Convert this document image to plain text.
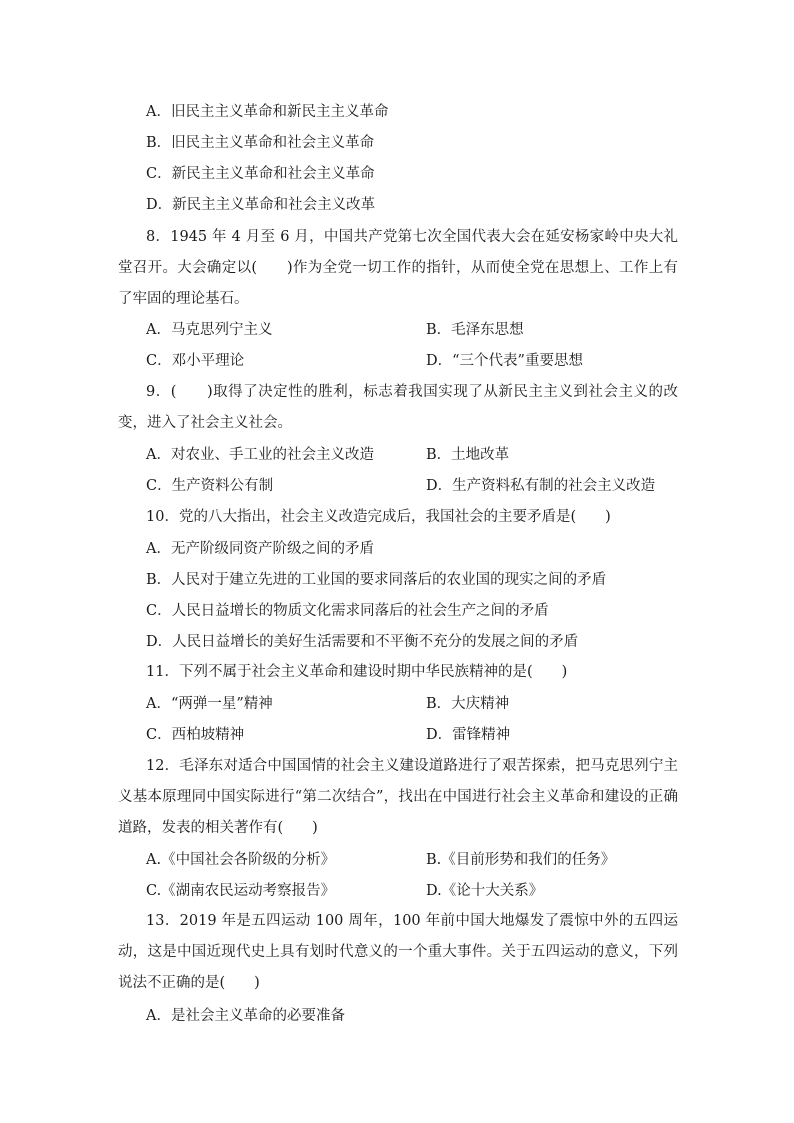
A．旧民主主义革命和新民主主义革命
B．旧民主主义革命和社会主义革命
C．新民主主义革命和社会主义革命
D．新民主主义革命和社会主义改革
8．1945 年 4 月至 6 月，中国共产党第七次全国代表大会在延安杨家岭中央大礼堂召开。大会确定以(　　)作为全党一切工作的指针，从而使全党在思想上、工作上有了牢固的理论基石。
A．马克思列宁主义	B．毛泽东思想
C．邓小平理论	D．“三个代表”重要思想
9．(　　)取得了决定性的胜利，标志着我国实现了从新民主主义到社会主义的改变，进入了社会主义社会。
A．对农业、手工业的社会主义改造	B．土地改革
C．生产资料公有制	D．生产资料私有制的社会主义改造
10．党的八大指出，社会主义改造完成后，我国社会的主要矛盾是(　　)
A．无产阶级同资产阶级之间的矛盾
B．人民对于建立先进的工业国的要求同落后的农业国的现实之间的矛盾
C．人民日益增长的物质文化需求同落后的社会生产之间的矛盾
D．人民日益增长的美好生活需要和不平衡不充分的发展之间的矛盾
11．下列不属于社会主义革命和建设时期中华民族精神的是(　　)
A．“两弹一星”精神	B．大庆精神
C．西柏坡精神	D．雷锋精神
12．毛泽东对适合中国国情的社会主义建设道路进行了艰苦探索，把马克思列宁主义基本原理同中国实际进行“第二次结合”，找出在中国进行社会主义革命和建设的正确道路，发表的相关著作有(　　)
A.《中国社会各阶级的分析》	B.《目前形势和我们的任务》
C.《湖南农民运动考察报告》	D.《论十大关系》
13．2019 年是五四运动 100 周年，100 年前中国大地爆发了震惊中外的五四运动，这是中国近现代史上具有划时代意义的一个重大事件。关于五四运动的意义，下列说法不正确的是(　　)
A．是社会主义革命的必要准备
